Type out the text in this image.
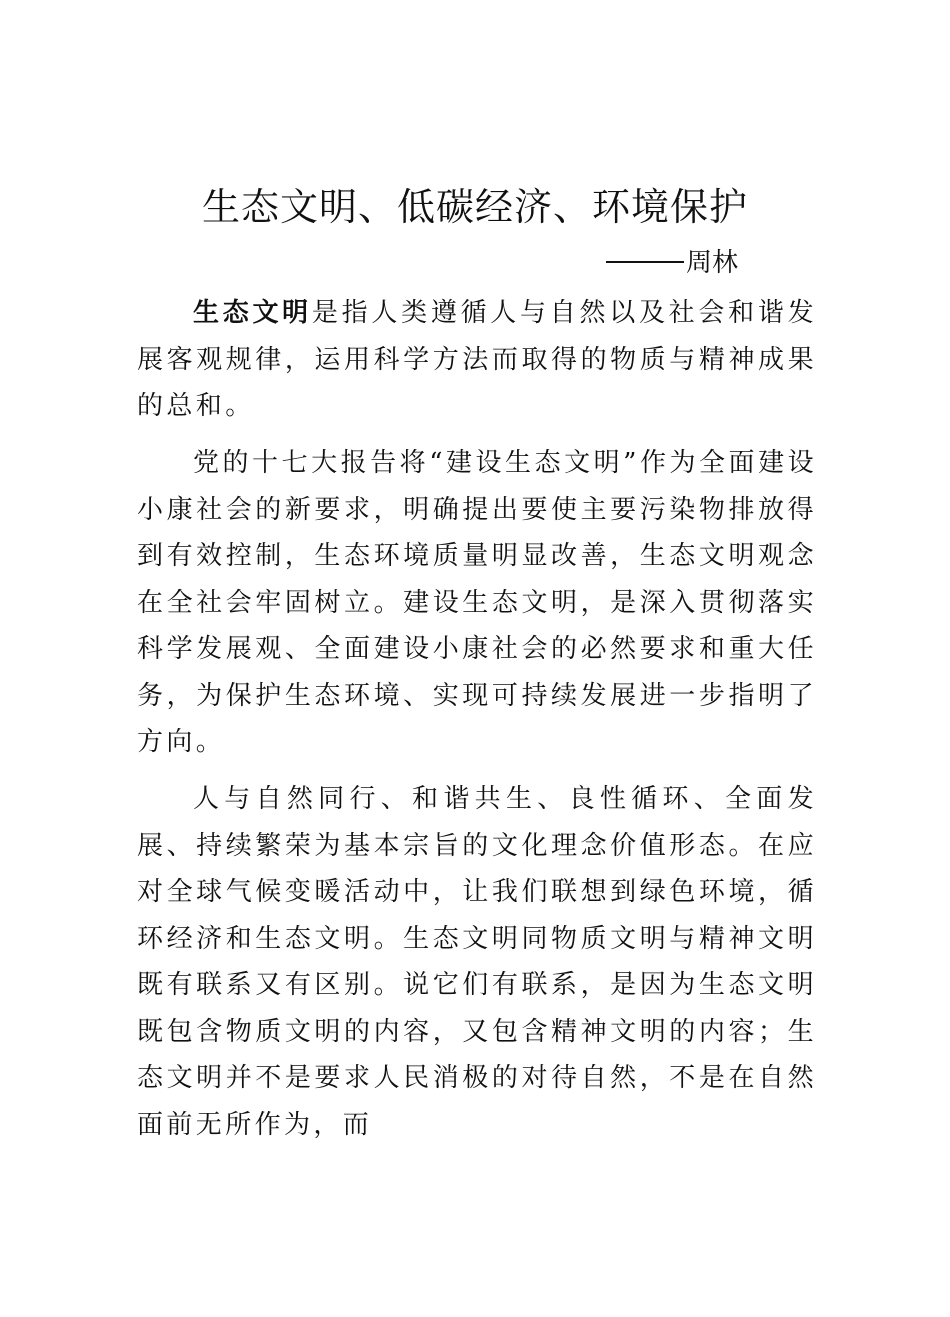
生态文明、低碳经济、环境保护

周林

生态文明是指人类遵循人与自然以及社会和谐发展客观规律，运用科学方法而取得的物质与精神成果的总和。

党的十七大报告将“建设生态文明”作为全面建设小康社会的新要求，明确提出要使主要污染物排放得到有效控制，生态环境质量明显改善，生态文明观念在全社会牢固树立。建设生态文明，是深入贯彻落实科学发展观、全面建设小康社会的必然要求和重大任务，为保护生态环境、实现可持续发展进一步指明了方向。

人与自然同行、和谐共生、良性循环、全面发展、持续繁荣为基本宗旨的文化理念价值形态。在应对全球气候变暖活动中，让我们联想到绿色环境，循环经济和生态文明。生态文明同物质文明与精神文明既有联系又有区别。说它们有联系，是因为生态文明既包含物质文明的内容，又包含精神文明的内容；生态文明并不是要求人民消极的对待自然，不是在自然面前无所作为，而
